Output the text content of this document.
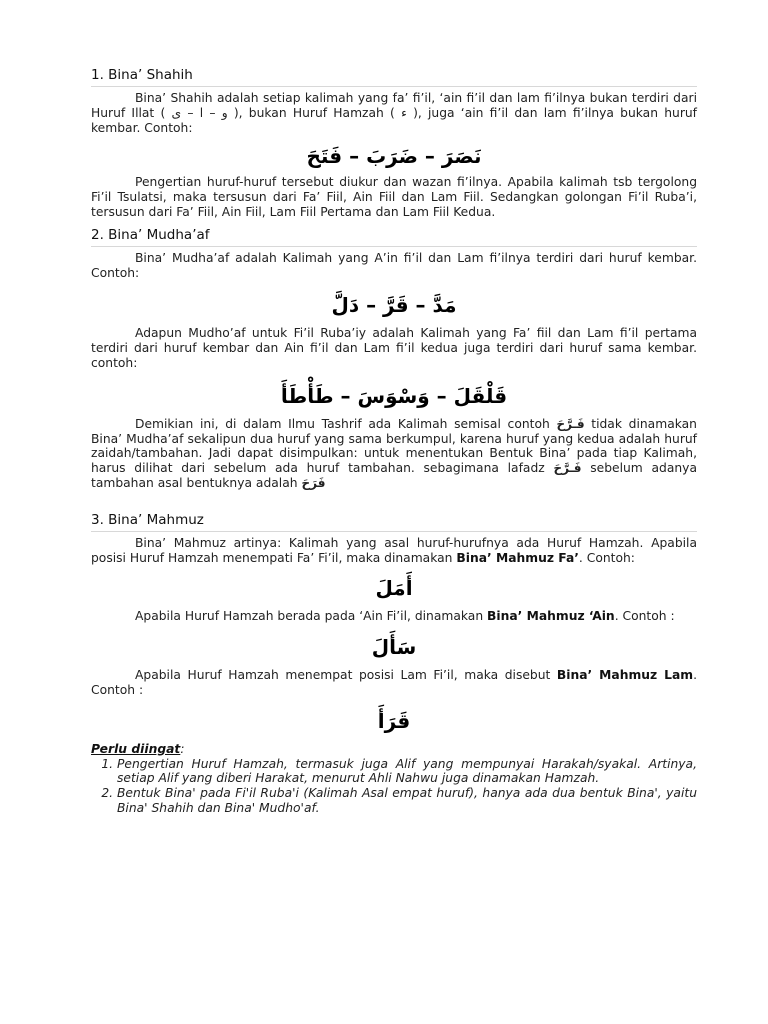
1. Bina’ Shahih

Bina’ Shahih adalah setiap kalimah yang fa’ fi’il, ‘ain fi’il dan lam fi’ilnya bukan terdiri dari Huruf Illat ( و – ا – ى ), bukan Huruf Hamzah ( ء ), juga ‘ain fi’il dan lam fi’ilnya bukan huruf kembar. Contoh:

نَصَرَ – ضَرَبَ – فَتَحَ

Pengertian huruf-huruf tersebut diukur dan wazan fi’ilnya. Apabila kalimah tsb tergolong Fi’il Tsulatsi, maka tersusun dari Fa’ Fiil, Ain Fiil dan Lam Fiil. Sedangkan golongan Fi’il Ruba’i, tersusun dari Fa’ Fiil, Ain Fiil, Lam Fiil Pertama dan Lam Fiil Kedua.

2. Bina’ Mudha’af

Bina’ Mudha’af adalah Kalimah yang A’in fi’il dan Lam fi’ilnya terdiri dari huruf kembar. Contoh:

مَدَّ – قَرَّ – دَلَّ

Adapun Mudho’af untuk Fi’il Ruba’iy adalah Kalimah yang Fa’ fiil dan Lam fi’il pertama terdiri dari huruf kembar dan Ain fi’il dan Lam fi’il kedua juga terdiri dari huruf sama kembar. contoh:

قَلْقَلَ – وَسْوَسَ – طَأْطَأَ

Demikian ini, di dalam Ilmu Tashrif ada Kalimah semisal contoh فَـرَّحَ tidak dinamakan Bina’ Mudha’af sekalipun dua huruf yang sama berkumpul, karena huruf yang kedua adalah huruf zaidah/tambahan. Jadi dapat disimpulkan: untuk menentukan Bentuk Bina’ pada tiap Kalimah, harus dilihat dari sebelum ada huruf tambahan. sebagimana lafadz فَـرَّحَ sebelum adanya tambahan asal bentuknya adalah فَرَحَ

3. Bina’ Mahmuz

Bina’ Mahmuz artinya: Kalimah yang asal huruf-hurufnya ada Huruf Hamzah. Apabila posisi Huruf Hamzah menempati Fa’ Fi’il, maka dinamakan Bina’ Mahmuz Fa’. Contoh:

أَمَلَ

Apabila Huruf Hamzah berada pada ‘Ain Fi’il, dinamakan Bina’ Mahmuz ‘Ain. Contoh :

سَأَلَ

Apabila Huruf Hamzah menempat posisi Lam Fi’il, maka disebut Bina’ Mahmuz Lam. Contoh :

قَرَأَ
Perlu diingat:
1. Pengertian Huruf Hamzah, termasuk juga Alif yang mempunyai Harakah/syakal. Artinya, setiap Alif yang diberi Harakat, menurut Ahli Nahwu juga dinamakan Hamzah.
2. Bentuk Bina' pada Fi'il Ruba'i (Kalimah Asal empat huruf), hanya ada dua bentuk Bina', yaitu Bina' Shahih dan Bina' Mudho'af.
